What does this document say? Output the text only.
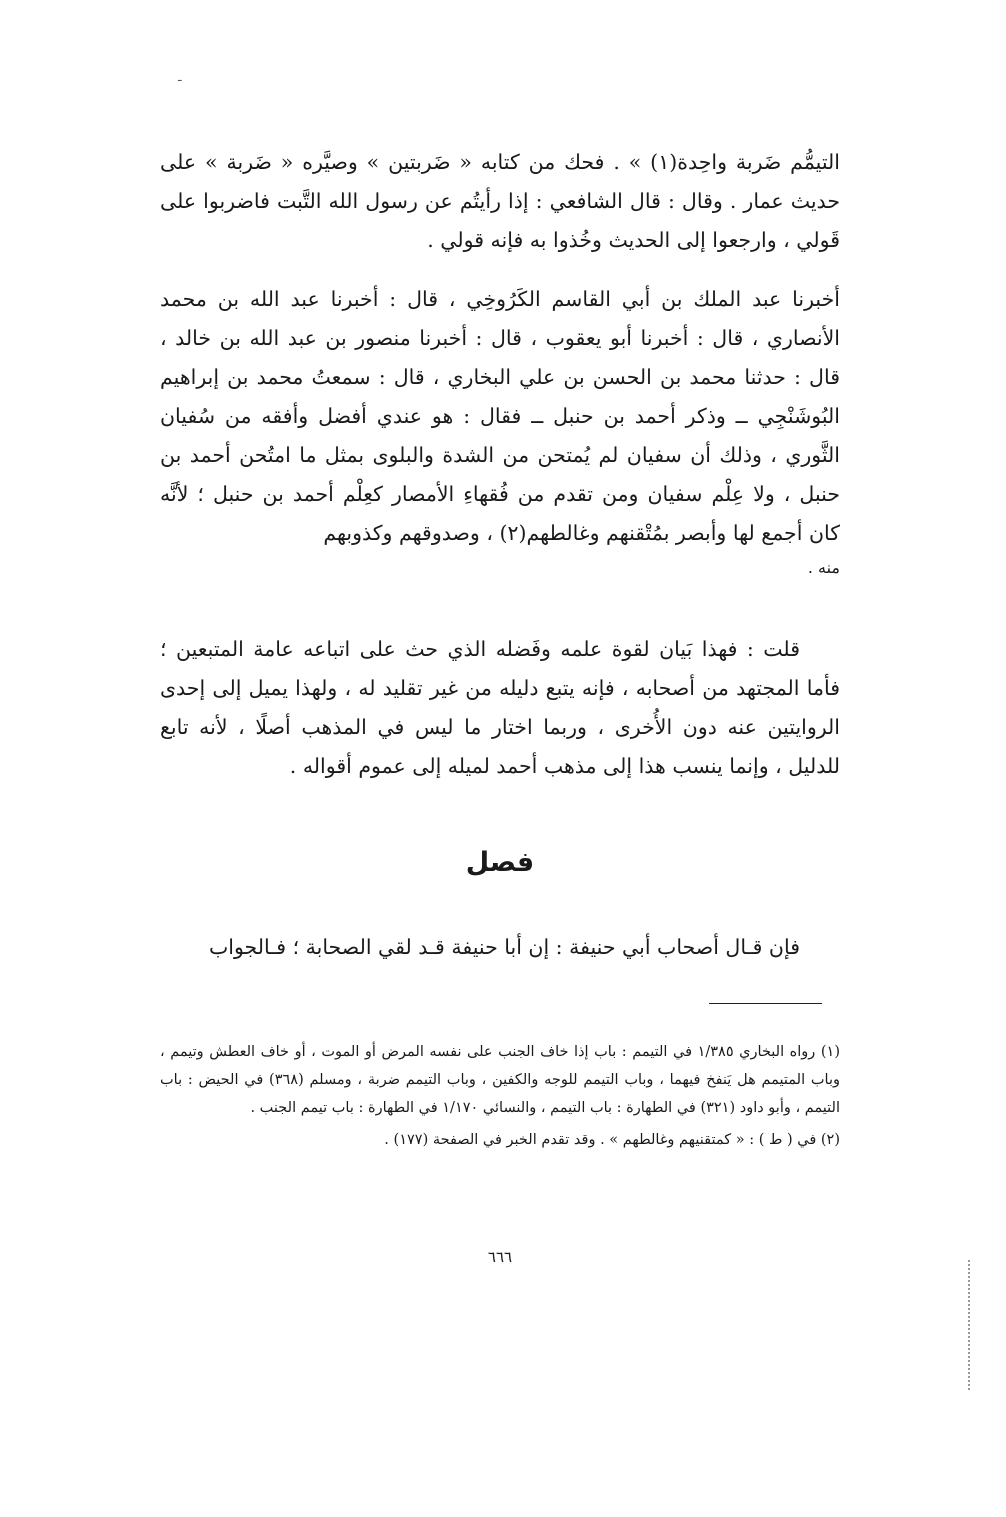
ـ

التيمُّم ضَربة واحِدة(١) » . فحك من كتابه « ضَربتين » وصيَّره « ضَربة » على حديث عمار . وقال : قال الشافعي : إذا رأيتُم عن رسول الله التَّبت فاضربوا على قَولي ، وارجعوا إلى الحديث وخُذوا به فإنه قولي .

أخبرنا عبد الملك بن أبي القاسم الكَرُوخِي ، قال : أخبرنا عبد الله بن محمد الأنصاري ، قال : أخبرنا أبو يعقوب ، قال : أخبرنا منصور بن عبد الله بن خالد ، قال : حدثنا محمد بن الحسن بن علي البخاري ، قال : سمعتُ محمد بن إبراهيم البُوشَنْجِي ــ وذكر أحمد بن حنبل ــ فقال : هو عندي أفضل وأفقه من سُفيان الثَّوري ، وذلك أن سفيان لم يُمتحن من الشدة والبلوى بمثل ما امتُحن أحمد بن حنبل ، ولا عِلْم سفيان ومن تقدم من فُقهاءِ الأمصار كعِلْم أحمد بن حنبل ؛ لأنَّه كان أجمع لها وأبصر بمُتْقنهم وغالطهم(٢) ، وصدوقهم وكذوبهم

منه .

قلت : فهذا بَيان لقوة علمه وفَضله الذي حث على اتباعه عامة المتبعين ؛ فأما المجتهد من أصحابه ، فإنه يتبع دليله من غير تقليد له ، ولهذا يميل إلى إحدى الروايتين عنه دون الأُخرى ، وربما اختار ما ليس في المذهب أصلًا ، لأنه تابع للدليل ، وإنما ينسب هذا إلى مذهب أحمد لميله إلى عموم أقواله .

فصل

فإن قـال أصحاب أبي حنيفة : إن أبا حنيفة قـد لقي الصحابة ؛ فـالجواب

(١) رواه البخاري ١/٣٨٥ في التيمم : باب إذا خاف الجنب على نفسه المرض أو الموت ، أو خاف العطش وتيمم ، وباب المتيمم هل يَنفخ فيهما ، وباب التيمم للوجه والكفين ، وباب التيمم ضربة ، ومسلم (٣٦٨) في الحيض : باب التيمم ، وأبو داود (٣٢١) في الطهارة : باب التيمم ، والنسائي ١/١٧٠ في الطهارة : باب تيمم الجنب .

(٢) في ( ط ) : « كمتقنيهم وغالطهم » . وقد تقدم الخبر في الصفحة (١٧٧) .

٦٦٦
